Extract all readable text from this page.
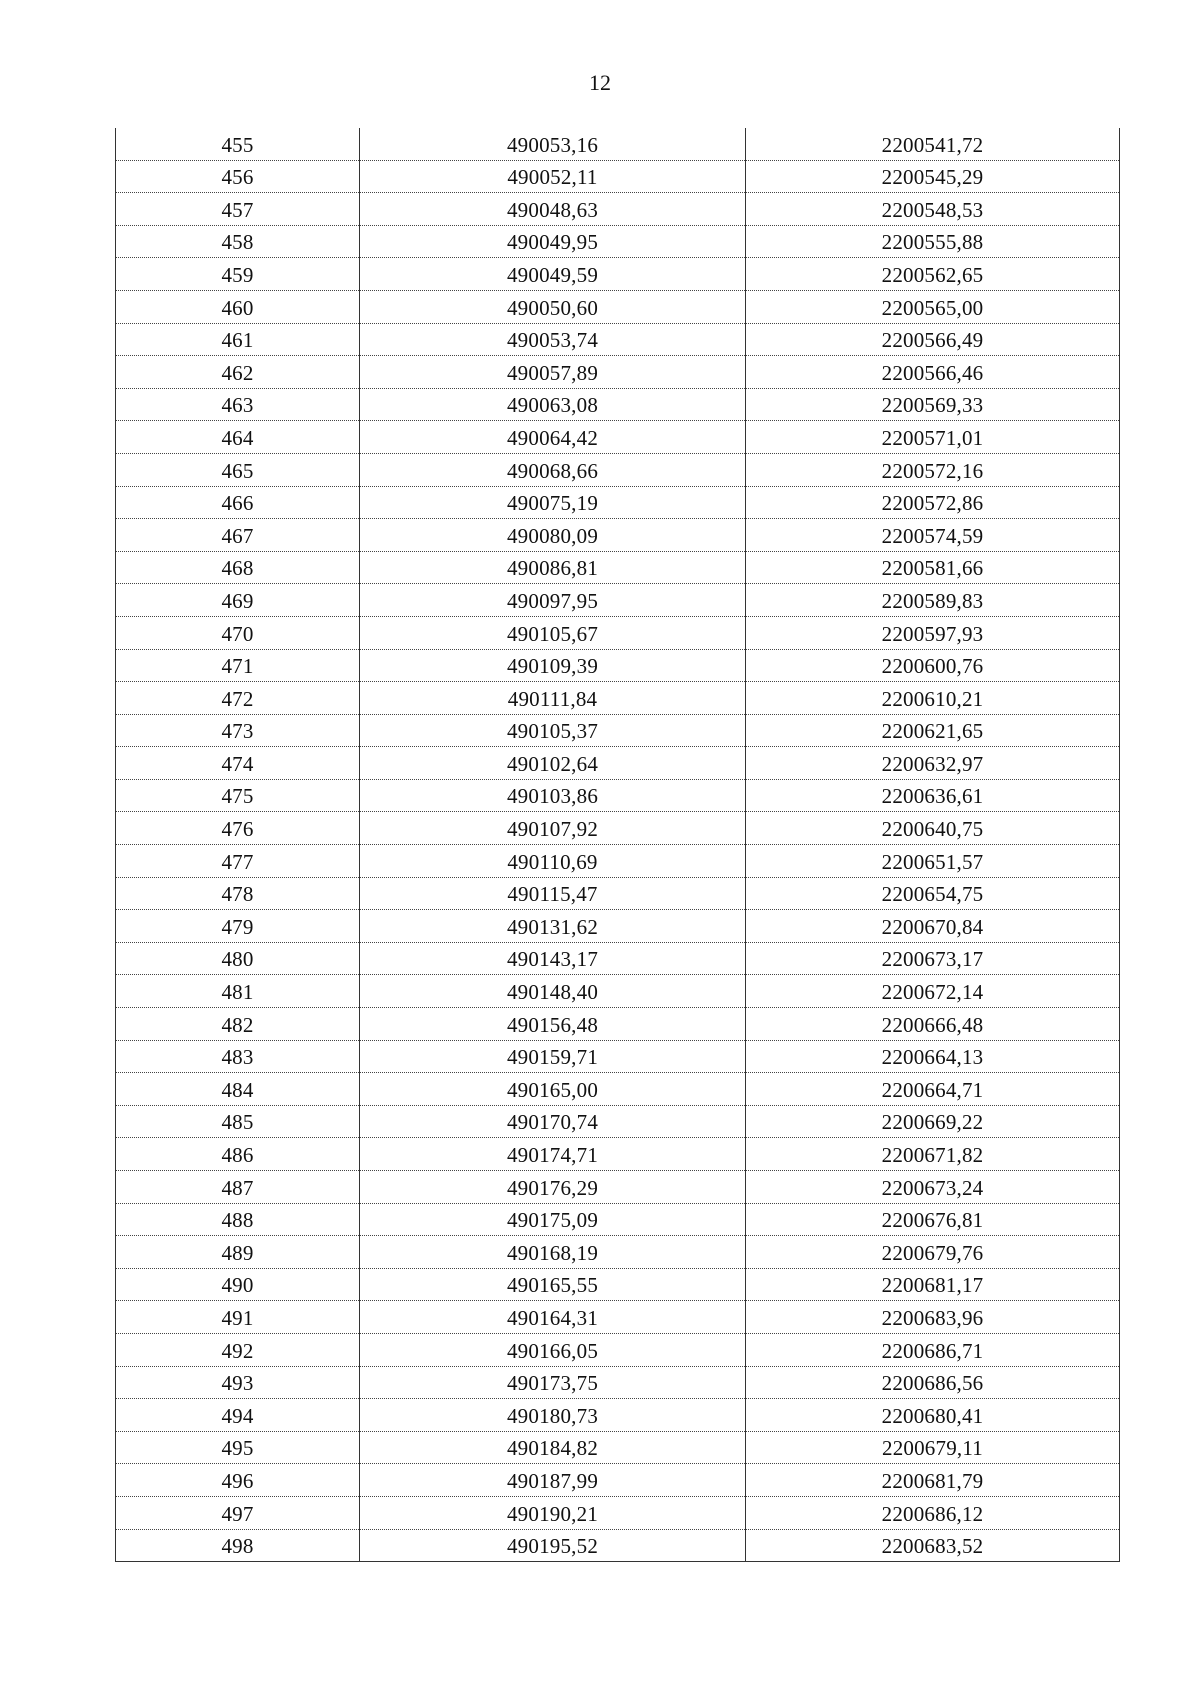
12
455	490053,16	2200541,72
456	490052,11	2200545,29
457	490048,63	2200548,53
458	490049,95	2200555,88
459	490049,59	2200562,65
460	490050,60	2200565,00
461	490053,74	2200566,49
462	490057,89	2200566,46
463	490063,08	2200569,33
464	490064,42	2200571,01
465	490068,66	2200572,16
466	490075,19	2200572,86
467	490080,09	2200574,59
468	490086,81	2200581,66
469	490097,95	2200589,83
470	490105,67	2200597,93
471	490109,39	2200600,76
472	490111,84	2200610,21
473	490105,37	2200621,65
474	490102,64	2200632,97
475	490103,86	2200636,61
476	490107,92	2200640,75
477	490110,69	2200651,57
478	490115,47	2200654,75
479	490131,62	2200670,84
480	490143,17	2200673,17
481	490148,40	2200672,14
482	490156,48	2200666,48
483	490159,71	2200664,13
484	490165,00	2200664,71
485	490170,74	2200669,22
486	490174,71	2200671,82
487	490176,29	2200673,24
488	490175,09	2200676,81
489	490168,19	2200679,76
490	490165,55	2200681,17
491	490164,31	2200683,96
492	490166,05	2200686,71
493	490173,75	2200686,56
494	490180,73	2200680,41
495	490184,82	2200679,11
496	490187,99	2200681,79
497	490190,21	2200686,12
498	490195,52	2200683,52
